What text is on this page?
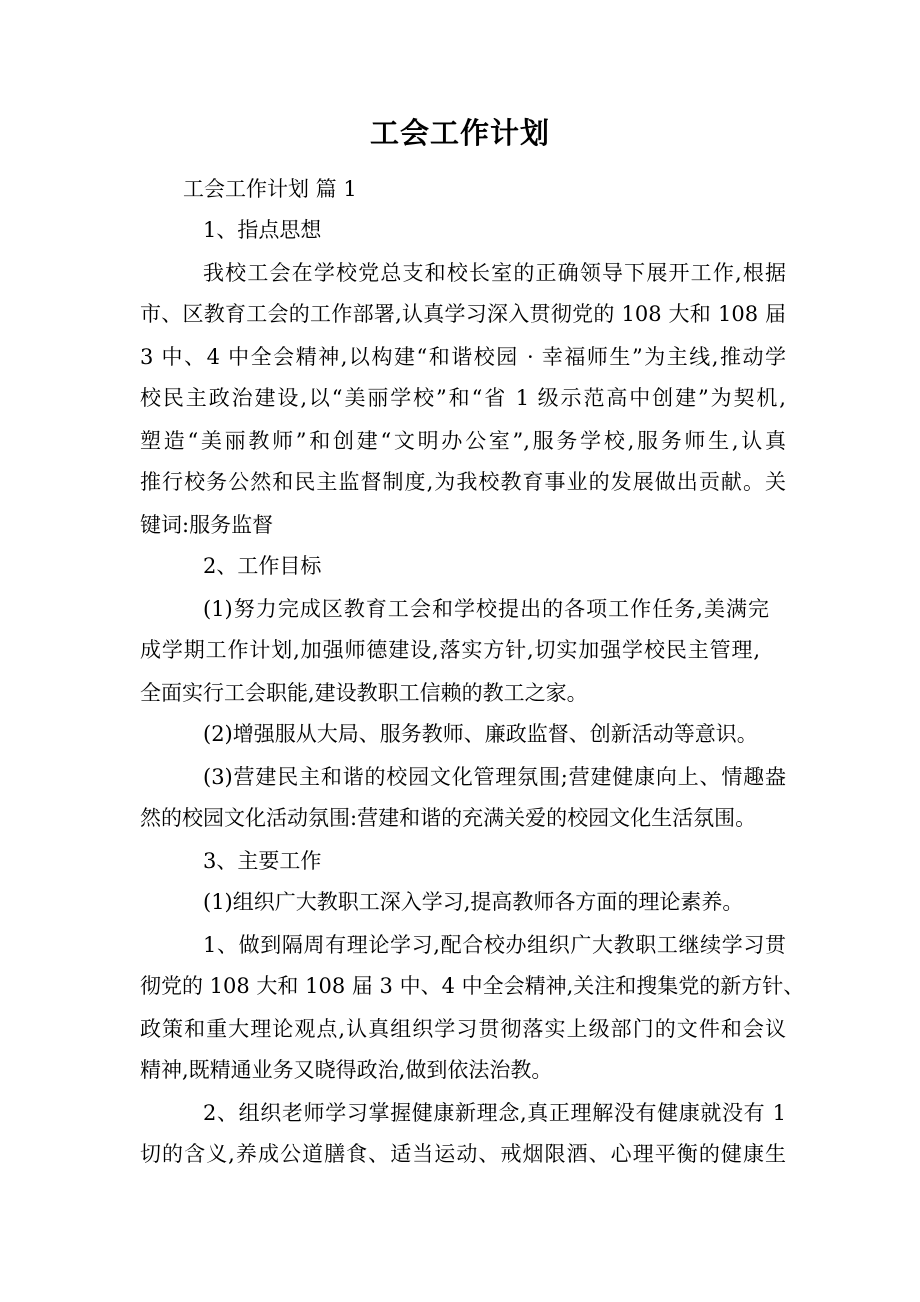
工会工作计划
工会工作计划 篇 1
1、指点思想
我校工会在学校党总支和校长室的正确领导下展开工作,根据
市、区教育工会的工作部署,认真学习深入贯彻党的 108 大和 108 届
3 中、4 中全会精神,以构建“和谐校园 · 幸福师生”为主线,推动学
校民主政治建设,以“美丽学校”和“省 1 级示范高中创建”为契机,
塑造“美丽教师”和创建“文明办公室”,服务学校,服务师生,认真
推行校务公然和民主监督制度,为我校教育事业的发展做出贡献。关
键词:服务监督
2、工作目标
(1)努力完成区教育工会和学校提出的各项工作任务,美满完
成学期工作计划,加强师德建设,落实方针,切实加强学校民主管理,
全面实行工会职能,建设教职工信赖的教工之家。
(2)增强服从大局、服务教师、廉政监督、创新活动等意识。
(3)营建民主和谐的校园文化管理氛围;营建健康向上、情趣盎
然的校园文化活动氛围:营建和谐的充满关爱的校园文化生活氛围。
3、主要工作
(1)组织广大教职工深入学习,提高教师各方面的理论素养。
1、做到隔周有理论学习,配合校办组织广大教职工继续学习贯
彻党的 108 大和 108 届 3 中、4 中全会精神,关注和搜集党的新方针、
政策和重大理论观点,认真组织学习贯彻落实上级部门的文件和会议
精神,既精通业务又晓得政治,做到依法治教。
2、组织老师学习掌握健康新理念,真正理解没有健康就没有 1
切的含义,养成公道膳食、适当运动、戒烟限酒、心理平衡的健康生
